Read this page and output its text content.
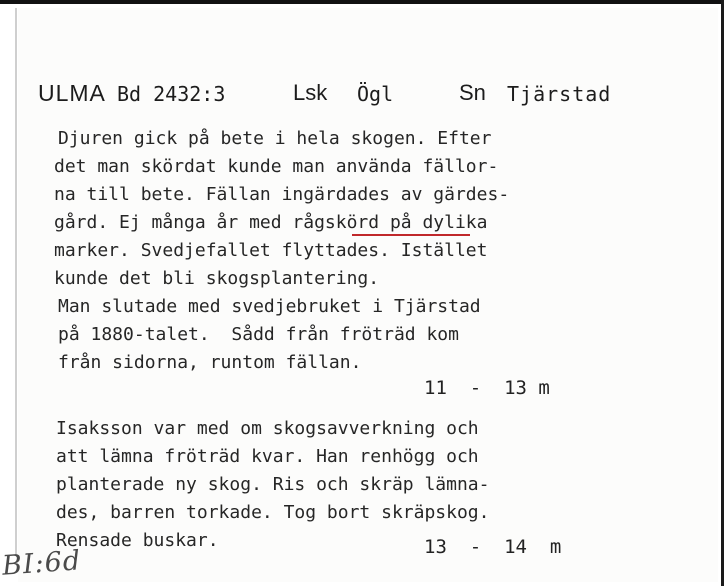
ULMA Bd 2432:3	Lsk Ögl	Sn Tjärstad

Djuren gick på bete i hela skogen. Efter

det man skördat kunde man använda fällor-

na till bete. Fällan ingärdades av gärdes-

gård. Ej många år med rågskörd på dylika

marker. Svedjefallet flyttades. Istället

kunde det bli skogsplantering.

Man slutade med svedjebruket i Tjärstad

på 1880-talet.  Sådd från fröträd kom

från sidorna, runtom fällan.

11  -  13 m

Isaksson var med om skogsavverkning och

att lämna fröträd kvar. Han renhögg och

planterade ny skog. Ris och skräp lämna-

des, barren torkade. Tog bort skräpskog.

Rensade buskar.

	13  -  14  m
BI:6d
